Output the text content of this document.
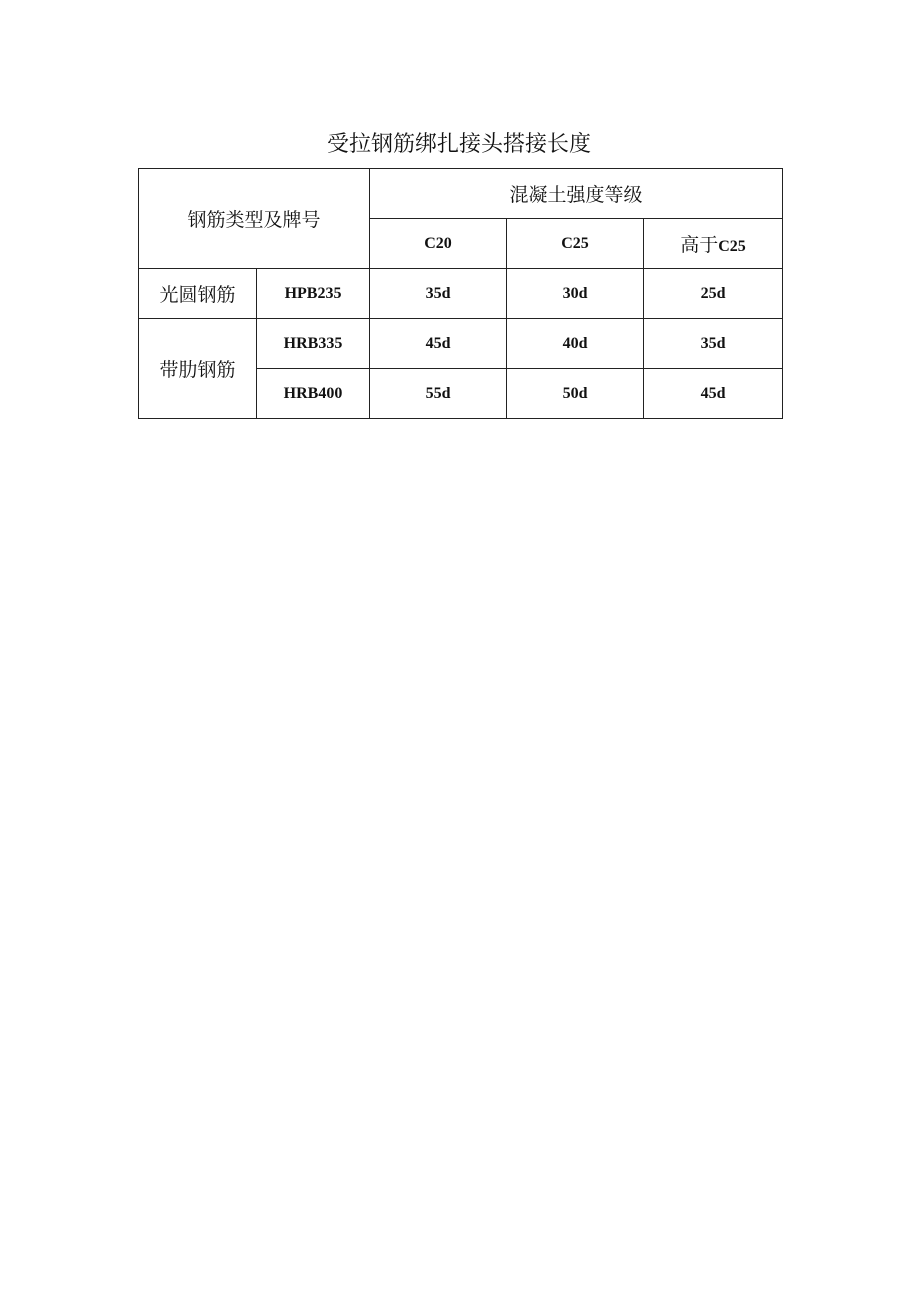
受拉钢筋绑扎接头搭接长度
钢筋类型及牌号		混凝土强度等级		
		C20	C25	高于C25
光圆钢筋	HPB235	35d	30d	25d
带肋钢筋	HRB335	45d	40d	35d
	HRB400	55d	50d	45d
